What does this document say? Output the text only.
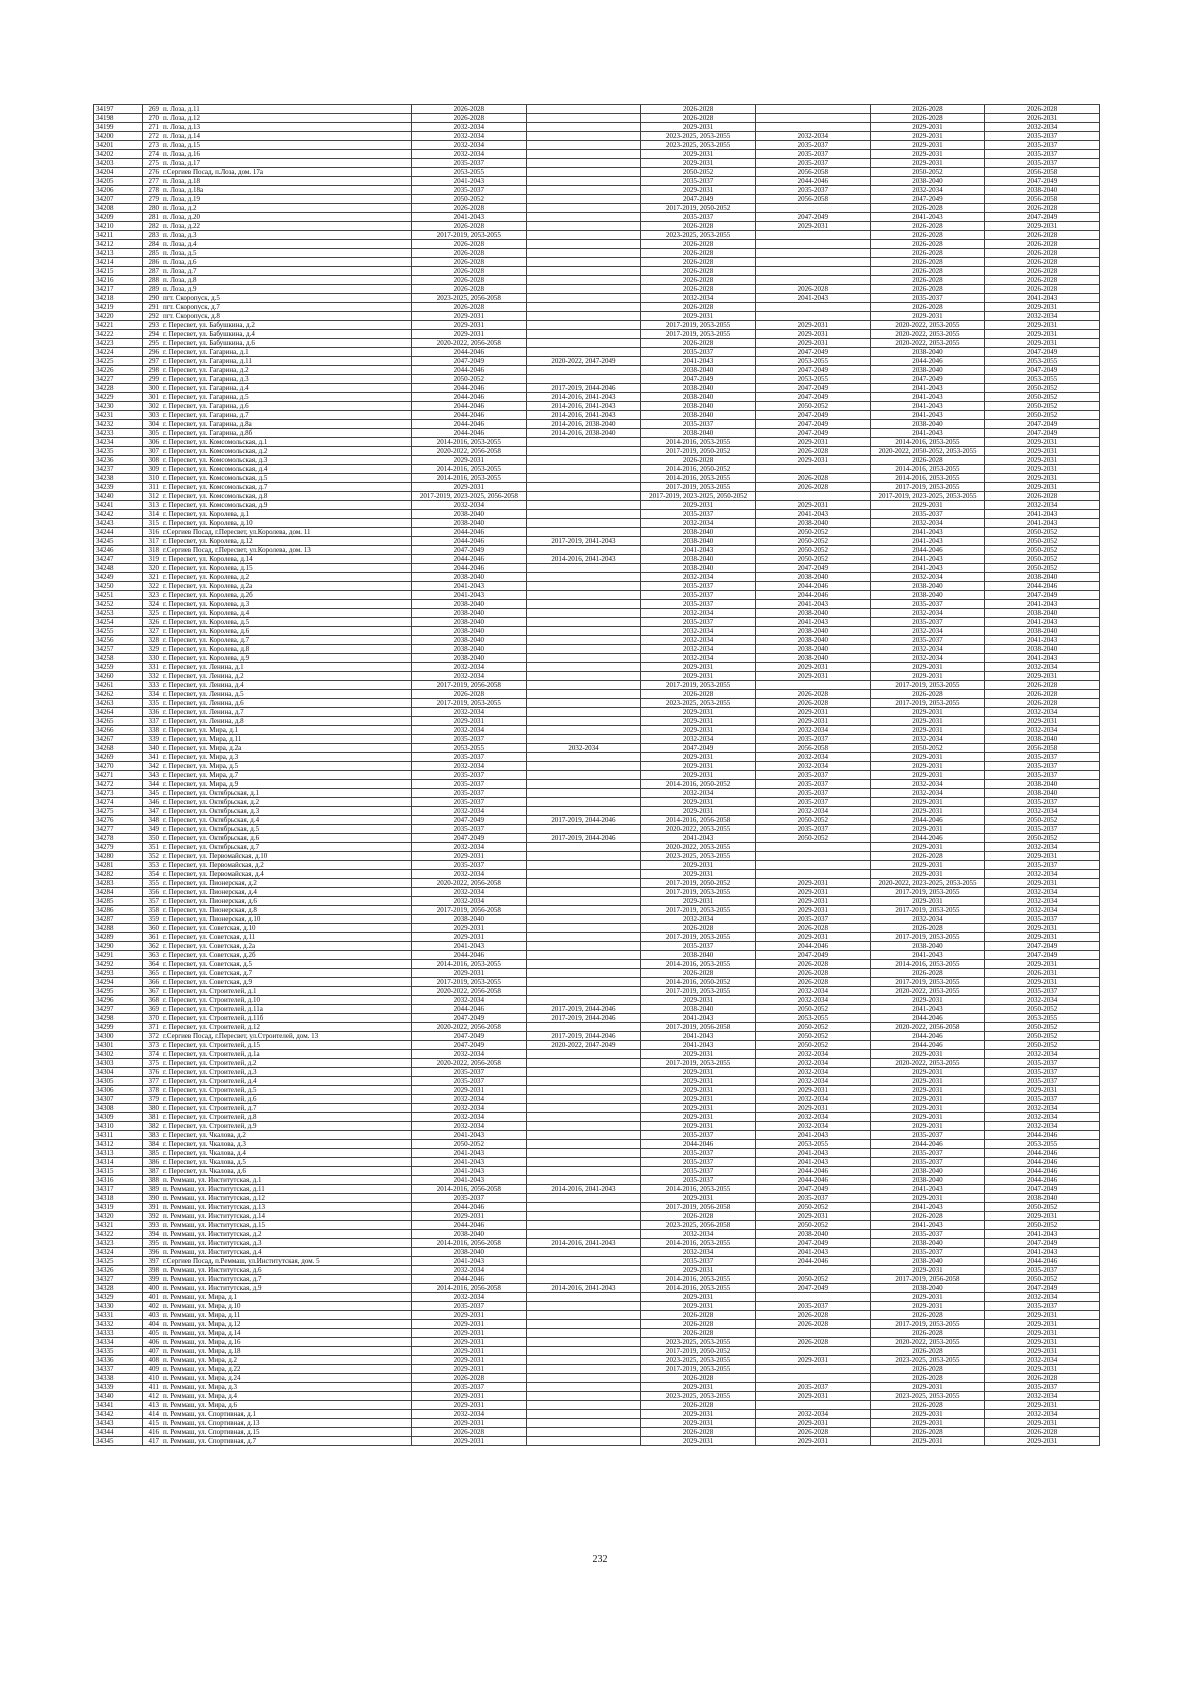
34197	269	п. Лоза, д.11	2026-2028		2026-2028		2026-2028	2026-2028
34198	270	п. Лоза, д.12	2026-2028		2026-2028		2026-2028	2026-2031
34199	271	п. Лоза, д.13	2032-2034		2029-2031		2029-2031	2032-2034
34200	272	п. Лоза, д.14	2032-2034		2023-2025, 2053-2055	2032-2034	2029-2031	2035-2037
34201	273	п. Лоза, д.15	2032-2034		2023-2025, 2053-2055	2035-2037	2029-2031	2035-2037
34202	274	п. Лоза, д.16	2032-2034		2029-2031	2035-2037	2029-2031	2035-2037
34203	275	п. Лоза, д.17	2035-2037		2029-2031	2035-2037	2029-2031	2035-2037
34204	276	г.Сергиев Посад, п.Лоза, дом. 17а	2053-2055		2050-2052	2056-2058	2050-2052	2056-2058
34205	277	п. Лоза, д.18	2041-2043		2035-2037	2044-2046	2038-2040	2047-2049
34206	278	п. Лоза, д.18а	2035-2037		2029-2031	2035-2037	2032-2034	2038-2040
34207	279	п. Лоза, д.19	2050-2052		2047-2049	2056-2058	2047-2049	2056-2058
34208	280	п. Лоза, д.2	2026-2028		2017-2019, 2050-2052		2026-2028	2026-2028
34209	281	п. Лоза, д.20	2041-2043		2035-2037	2047-2049	2041-2043	2047-2049
34210	282	п. Лоза, д.22	2026-2028		2026-2028	2029-2031	2026-2028	2029-2031
34211	283	п. Лоза, д.3	2017-2019, 2053-2055		2023-2025, 2053-2055		2026-2028	2026-2028
34212	284	п. Лоза, д.4	2026-2028		2026-2028		2026-2028	2026-2028
34213	285	п. Лоза, д.5	2026-2028		2026-2028		2026-2028	2026-2028
34214	286	п. Лоза, д.6	2026-2028		2026-2028		2026-2028	2026-2028
34215	287	п. Лоза, д.7	2026-2028		2026-2028		2026-2028	2026-2028
34216	288	п. Лоза, д.8	2026-2028		2026-2028		2026-2028	2026-2028
34217	289	п. Лоза, д.9	2026-2028		2026-2028	2026-2028	2026-2028	2026-2028
34218	290	пгт. Скоропуск, д.5	2023-2025, 2056-2058		2032-2034	2041-2043	2035-2037	2041-2043
34219	291	пгт. Скоропуск, д.7	2026-2028		2026-2028		2026-2028	2029-2031
34220	292	пгт. Скоропуск, д.8	2029-2031		2029-2031		2029-2031	2032-2034
34221	293	г. Пересвет, ул. Бабушкина, д.2	2029-2031		2017-2019, 2053-2055	2029-2031	2020-2022, 2053-2055	2029-2031
34222	294	г. Пересвет, ул. Бабушкина, д.4	2029-2031		2017-2019, 2053-2055	2029-2031	2020-2022, 2053-2055	2029-2031
34223	295	г. Пересвет, ул. Бабушкина, д.6	2020-2022, 2056-2058		2026-2028	2029-2031	2020-2022, 2053-2055	2029-2031
34224	296	г. Пересвет, ул. Гагарина, д.1	2044-2046		2035-2037	2047-2049	2038-2040	2047-2049
34225	297	г. Пересвет, ул. Гагарина, д.11	2047-2049	2020-2022, 2047-2049	2041-2043	2053-2055	2044-2046	2053-2055
34226	298	г. Пересвет, ул. Гагарина, д.2	2044-2046		2038-2040	2047-2049	2038-2040	2047-2049
34227	299	г. Пересвет, ул. Гагарина, д.3	2050-2052		2047-2049	2053-2055	2047-2049	2053-2055
34228	300	г. Пересвет, ул. Гагарина, д.4	2044-2046	2017-2019, 2044-2046	2038-2040	2047-2049	2041-2043	2050-2052
34229	301	г. Пересвет, ул. Гагарина, д.5	2044-2046	2014-2016, 2041-2043	2038-2040	2047-2049	2041-2043	2050-2052
34230	302	г. Пересвет, ул. Гагарина, д.6	2044-2046	2014-2016, 2041-2043	2038-2040	2050-2052	2041-2043	2050-2052
34231	303	г. Пересвет, ул. Гагарина, д.7	2044-2046	2014-2016, 2041-2043	2038-2040	2047-2049	2041-2043	2050-2052
34232	304	г. Пересвет, ул. Гагарина, д.8а	2044-2046	2014-2016, 2038-2040	2035-2037	2047-2049	2038-2040	2047-2049
34233	305	г. Пересвет, ул. Гагарина, д.8б	2044-2046	2014-2016, 2038-2040	2038-2040	2047-2049	2041-2043	2047-2049
34234	306	г. Пересвет, ул. Комсомольская, д.1	2014-2016, 2053-2055		2014-2016, 2053-2055	2029-2031	2014-2016, 2053-2055	2029-2031
34235	307	г. Пересвет, ул. Комсомольская, д.2	2020-2022, 2056-2058		2017-2019, 2050-2052	2026-2028	2020-2022, 2050-2052, 2053-2055	2029-2031
34236	308	г. Пересвет, ул. Комсомольская, д.3	2029-2031		2026-2028	2029-2031	2026-2028	2029-2031
34237	309	г. Пересвет, ул. Комсомольская, д.4	2014-2016, 2053-2055		2014-2016, 2050-2052		2014-2016, 2053-2055	2029-2031
34238	310	г. Пересвет, ул. Комсомольская, д.5	2014-2016, 2053-2055		2014-2016, 2053-2055	2026-2028	2014-2016, 2053-2055	2029-2031
34239	311	г. Пересвет, ул. Комсомольская, д.7	2029-2031		2017-2019, 2053-2055	2026-2028	2017-2019, 2053-2055	2029-2031
34240	312	г. Пересвет, ул. Комсомольская, д.8	2017-2019, 2023-2025, 2056-2058		2017-2019, 2023-2025, 2050-2052		2017-2019, 2023-2025, 2053-2055	2026-2028
34241	313	г. Пересвет, ул. Комсомольская, д.9	2032-2034		2029-2031	2029-2031	2029-2031	2032-2034
34242	314	г. Пересвет, ул. Королева, д.1	2038-2040		2035-2037	2041-2043	2035-2037	2041-2043
34243	315	г. Пересвет, ул. Королева, д.10	2038-2040		2032-2034	2038-2040	2032-2034	2041-2043
34244	316	г.Сергиев Посад, г.Пересвет, ул.Королева, дом. 11	2044-2046		2038-2040	2050-2052	2041-2043	2050-2052
34245	317	г. Пересвет, ул. Королева, д.12	2044-2046	2017-2019, 2041-2043	2038-2040	2050-2052	2041-2043	2050-2052
34246	318	г.Сергиев Посад, г.Пересвет, ул.Королева, дом. 13	2047-2049		2041-2043	2050-2052	2044-2046	2050-2052
34247	319	г. Пересвет, ул. Королева, д.14	2044-2046	2014-2016, 2041-2043	2038-2040	2050-2052	2041-2043	2050-2052
34248	320	г. Пересвет, ул. Королева, д.15	2044-2046		2038-2040	2047-2049	2041-2043	2050-2052
34249	321	г. Пересвет, ул. Королева, д.2	2038-2040		2032-2034	2038-2040	2032-2034	2038-2040
34250	322	г. Пересвет, ул. Королева, д.2а	2041-2043		2035-2037	2044-2046	2038-2040	2044-2046
34251	323	г. Пересвет, ул. Королева, д.2б	2041-2043		2035-2037	2044-2046	2038-2040	2047-2049
34252	324	г. Пересвет, ул. Королева, д.3	2038-2040		2035-2037	2041-2043	2035-2037	2041-2043
34253	325	г. Пересвет, ул. Королева, д.4	2038-2040		2032-2034	2038-2040	2032-2034	2038-2040
34254	326	г. Пересвет, ул. Королева, д.5	2038-2040		2035-2037	2041-2043	2035-2037	2041-2043
34255	327	г. Пересвет, ул. Королева, д.6	2038-2040		2032-2034	2038-2040	2032-2034	2038-2040
34256	328	г. Пересвет, ул. Королева, д.7	2038-2040		2032-2034	2038-2040	2035-2037	2041-2043
34257	329	г. Пересвет, ул. Королева, д.8	2038-2040		2032-2034	2038-2040	2032-2034	2038-2040
34258	330	г. Пересвет, ул. Королева, д.9	2038-2040		2032-2034	2038-2040	2032-2034	2041-2043
34259	331	г. Пересвет, ул. Ленина, д.1	2032-2034		2029-2031	2029-2031	2029-2031	2032-2034
34260	332	г. Пересвет, ул. Ленина, д.2	2032-2034		2029-2031	2029-2031	2029-2031	2029-2031
34261	333	г. Пересвет, ул. Ленина, д.4	2017-2019, 2056-2058		2017-2019, 2053-2055		2017-2019, 2053-2055	2026-2028
34262	334	г. Пересвет, ул. Ленина, д.5	2026-2028		2026-2028	2026-2028	2026-2028	2026-2028
34263	335	г. Пересвет, ул. Ленина, д.6	2017-2019, 2053-2055		2023-2025, 2053-2055	2026-2028	2017-2019, 2053-2055	2026-2028
34264	336	г. Пересвет, ул. Ленина, д.7	2032-2034		2029-2031	2029-2031	2029-2031	2032-2034
34265	337	г. Пересвет, ул. Ленина, д.8	2029-2031		2029-2031	2029-2031	2029-2031	2029-2031
34266	338	г. Пересвет, ул. Мира, д.1	2032-2034		2029-2031	2032-2034	2029-2031	2032-2034
34267	339	г. Пересвет, ул. Мира, д.11	2035-2037		2032-2034	2035-2037	2032-2034	2038-2040
34268	340	г. Пересвет, ул. Мира, д.2а	2053-2055	2032-2034	2047-2049	2056-2058	2050-2052	2056-2058
34269	341	г. Пересвет, ул. Мира, д.3	2035-2037		2029-2031	2032-2034	2029-2031	2035-2037
34270	342	г. Пересвет, ул. Мира, д.5	2032-2034		2029-2031	2032-2034	2029-2031	2035-2037
34271	343	г. Пересвет, ул. Мира, д.7	2035-2037		2029-2031	2035-2037	2029-2031	2035-2037
34272	344	г. Пересвет, ул. Мира, д.9	2035-2037		2014-2016, 2050-2052	2035-2037	2032-2034	2038-2040
34273	345	г. Пересвет, ул. Октябрьская, д.1	2035-2037		2032-2034	2035-2037	2032-2034	2038-2040
34274	346	г. Пересвет, ул. Октябрьская, д.2	2035-2037		2029-2031	2035-2037	2029-2031	2035-2037
34275	347	г. Пересвет, ул. Октябрьская, д.3	2032-2034		2029-2031	2032-2034	2029-2031	2032-2034
34276	348	г. Пересвет, ул. Октябрьская, д.4	2047-2049	2017-2019, 2044-2046	2014-2016, 2056-2058	2050-2052	2044-2046	2050-2052
34277	349	г. Пересвет, ул. Октябрьская, д.5	2035-2037		2020-2022, 2053-2055	2035-2037	2029-2031	2035-2037
34278	350	г. Пересвет, ул. Октябрьская, д.6	2047-2049	2017-2019, 2044-2046	2041-2043	2050-2052	2044-2046	2050-2052
34279	351	г. Пересвет, ул. Октябрьская, д.7	2032-2034		2020-2022, 2053-2055		2029-2031	2032-2034
34280	352	г. Пересвет, ул. Первомайская, д.10	2029-2031		2023-2025, 2053-2055		2026-2028	2029-2031
34281	353	г. Пересвет, ул. Первомайская, д.2	2035-2037		2029-2031		2029-2031	2035-2037
34282	354	г. Пересвет, ул. Первомайская, д.4	2032-2034		2029-2031		2029-2031	2032-2034
34283	355	г. Пересвет, ул. Пионерская, д.2	2020-2022, 2056-2058		2017-2019, 2050-2052	2029-2031	2020-2022, 2023-2025, 2053-2055	2029-2031
34284	356	г. Пересвет, ул. Пионерская, д.4	2032-2034		2017-2019, 2053-2055	2029-2031	2017-2019, 2053-2055	2032-2034
34285	357	г. Пересвет, ул. Пионерская, д.6	2032-2034		2029-2031	2029-2031	2029-2031	2032-2034
34286	358	г. Пересвет, ул. Пионерская, д.8	2017-2019, 2056-2058		2017-2019, 2053-2055	2029-2031	2017-2019, 2053-2055	2032-2034
34287	359	г. Пересвет, ул. Пионерская, д.10	2038-2040		2032-2034	2035-2037	2032-2034	2035-2037
34288	360	г. Пересвет, ул. Советская, д.10	2029-2031		2026-2028	2026-2028	2026-2028	2029-2031
34289	361	г. Пересвет, ул. Советская, д.11	2029-2031		2017-2019, 2053-2055	2029-2031	2017-2019, 2053-2055	2029-2031
34290	362	г. Пересвет, ул. Советская, д.2а	2041-2043		2035-2037	2044-2046	2038-2040	2047-2049
34291	363	г. Пересвет, ул. Советская, д.2б	2044-2046		2038-2040	2047-2049	2041-2043	2047-2049
34292	364	г. Пересвет, ул. Советская, д.5	2014-2016, 2053-2055		2014-2016, 2053-2055	2026-2028	2014-2016, 2053-2055	2029-2031
34293	365	г. Пересвет, ул. Советская, д.7	2029-2031		2026-2028	2026-2028	2026-2028	2026-2031
34294	366	г. Пересвет, ул. Советская, д.9	2017-2019, 2053-2055		2014-2016, 2050-2052	2026-2028	2017-2019, 2053-2055	2029-2031
34295	367	г. Пересвет, ул. Строителей, д.1	2020-2022, 2056-2058		2017-2019, 2053-2055	2032-2034	2020-2022, 2053-2055	2035-2037
34296	368	г. Пересвет, ул. Строителей, д.10	2032-2034		2029-2031	2032-2034	2029-2031	2032-2034
34297	369	г. Пересвет, ул. Строителей, д.11а	2044-2046	2017-2019, 2044-2046	2038-2040	2050-2052	2041-2043	2050-2052
34298	370	г. Пересвет, ул. Строителей, д.11б	2047-2049	2017-2019, 2044-2046	2041-2043	2053-2055	2044-2046	2053-2055
34299	371	г. Пересвет, ул. Строителей, д.12	2020-2022, 2056-2058		2017-2019, 2056-2058	2050-2052	2020-2022, 2056-2058	2050-2052
34300	372	г.Сергиев Посад, г.Пересвет, ул.Строителей, дом. 13	2047-2049	2017-2019, 2044-2046	2041-2043	2050-2052	2044-2046	2050-2052
34301	373	г. Пересвет, ул. Строителей, д.15	2047-2049	2020-2022, 2047-2049	2041-2043	2050-2052	2044-2046	2050-2052
34302	374	г. Пересвет, ул. Строителей, д.1а	2032-2034		2029-2031	2032-2034	2029-2031	2032-2034
34303	375	г. Пересвет, ул. Строителей, д.2	2020-2022, 2056-2058		2017-2019, 2053-2055	2032-2034	2020-2022, 2053-2055	2035-2037
34304	376	г. Пересвет, ул. Строителей, д.3	2035-2037		2029-2031	2032-2034	2029-2031	2035-2037
34305	377	г. Пересвет, ул. Строителей, д.4	2035-2037		2029-2031	2032-2034	2029-2031	2035-2037
34306	378	г. Пересвет, ул. Строителей, д.5	2029-2031		2029-2031	2029-2031	2029-2031	2029-2031
34307	379	г. Пересвет, ул. Строителей, д.6	2032-2034		2029-2031	2032-2034	2029-2031	2035-2037
34308	380	г. Пересвет, ул. Строителей, д.7	2032-2034		2029-2031	2029-2031	2029-2031	2032-2034
34309	381	г. Пересвет, ул. Строителей, д.8	2032-2034		2029-2031	2032-2034	2029-2031	2032-2034
34310	382	г. Пересвет, ул. Строителей, д.9	2032-2034		2029-2031	2032-2034	2029-2031	2032-2034
34311	383	г. Пересвет, ул. Чкалова, д.2	2041-2043		2035-2037	2041-2043	2035-2037	2044-2046
34312	384	г. Пересвет, ул. Чкалова, д.3	2050-2052		2044-2046	2053-2055	2044-2046	2053-2055
34313	385	г. Пересвет, ул. Чкалова, д.4	2041-2043		2035-2037	2041-2043	2035-2037	2044-2046
34314	386	г. Пересвет, ул. Чкалова, д.5	2041-2043		2035-2037	2041-2043	2035-2037	2044-2046
34315	387	г. Пересвет, ул. Чкалова, д.6	2041-2043		2035-2037	2044-2046	2038-2040	2044-2046
34316	388	п. Реммаш, ул. Институтская, д.1	2041-2043		2035-2037	2044-2046	2038-2040	2044-2046
34317	389	п. Реммаш, ул. Институтская, д.11	2014-2016, 2056-2058	2014-2016, 2041-2043	2014-2016, 2053-2055	2047-2049	2041-2043	2047-2049
34318	390	п. Реммаш, ул. Институтская, д.12	2035-2037		2029-2031	2035-2037	2029-2031	2038-2040
34319	391	п. Реммаш, ул. Институтская, д.13	2044-2046		2017-2019, 2056-2058	2050-2052	2041-2043	2050-2052
34320	392	п. Реммаш, ул. Институтская, д.14	2029-2031		2026-2028	2029-2031	2026-2028	2029-2031
34321	393	п. Реммаш, ул. Институтская, д.15	2044-2046		2023-2025, 2056-2058	2050-2052	2041-2043	2050-2052
34322	394	п. Реммаш, ул. Институтская, д.2	2038-2040		2032-2034	2038-2040	2035-2037	2041-2043
34323	395	п. Реммаш, ул. Институтская, д.3	2014-2016, 2056-2058	2014-2016, 2041-2043	2014-2016, 2053-2055	2047-2049	2038-2040	2047-2049
34324	396	п. Реммаш, ул. Институтская, д.4	2038-2040		2032-2034	2041-2043	2035-2037	2041-2043
34325	397	г.Сергиев Посад, п.Реммаш, ул.Институтская, дом. 5	2041-2043		2035-2037	2044-2046	2038-2040	2044-2046
34326	398	п. Реммаш, ул. Институтская, д.6	2032-2034		2029-2031		2029-2031	2035-2037
34327	399	п. Реммаш, ул. Институтская, д.7	2044-2046		2014-2016, 2053-2055	2050-2052	2017-2019, 2056-2058	2050-2052
34328	400	п. Реммаш, ул. Институтская, д.9	2014-2016, 2056-2058	2014-2016, 2041-2043	2014-2016, 2053-2055	2047-2049	2038-2040	2047-2049
34329	401	п. Реммаш, ул. Мира, д.1	2032-2034		2029-2031		2029-2031	2032-2034
34330	402	п. Реммаш, ул. Мира, д.10	2035-2037		2029-2031	2035-2037	2029-2031	2035-2037
34331	403	п. Реммаш, ул. Мира, д.11	2029-2031		2026-2028	2026-2028	2026-2028	2029-2031
34332	404	п. Реммаш, ул. Мира, д.12	2029-2031		2026-2028	2026-2028	2017-2019, 2053-2055	2029-2031
34333	405	п. Реммаш, ул. Мира, д.14	2029-2031		2026-2028		2026-2028	2029-2031
34334	406	п. Реммаш, ул. Мира, д.16	2029-2031		2023-2025, 2053-2055	2026-2028	2020-2022, 2053-2055	2029-2031
34335	407	п. Реммаш, ул. Мира, д.18	2029-2031		2017-2019, 2050-2052		2026-2028	2029-2031
34336	408	п. Реммаш, ул. Мира, д.2	2029-2031		2023-2025, 2053-2055	2029-2031	2023-2025, 2053-2055	2032-2034
34337	409	п. Реммаш, ул. Мира, д.22	2029-2031		2017-2019, 2053-2055		2026-2028	2029-2031
34338	410	п. Реммаш, ул. Мира, д.24	2026-2028		2026-2028		2026-2028	2026-2028
34339	411	п. Реммаш, ул. Мира, д.3	2035-2037		2029-2031	2035-2037	2029-2031	2035-2037
34340	412	п. Реммаш, ул. Мира, д.4	2029-2031		2023-2025, 2053-2055	2029-2031	2023-2025, 2053-2055	2032-2034
34341	413	п. Реммаш, ул. Мира, д.6	2029-2031		2026-2028		2026-2028	2029-2031
34342	414	п. Реммаш, ул. Спортивная, д.1	2032-2034		2029-2031	2032-2034	2029-2031	2032-2034
34343	415	п. Реммаш, ул. Спортивная, д.13	2029-2031		2029-2031	2029-2031	2029-2031	2029-2031
34344	416	п. Реммаш, ул. Спортивная, д.15	2026-2028		2026-2028	2026-2028	2026-2028	2026-2028
34345	417	п. Реммаш, ул. Спортивная, д.7	2029-2031		2029-2031	2029-2031	2029-2031	2029-2031
232
